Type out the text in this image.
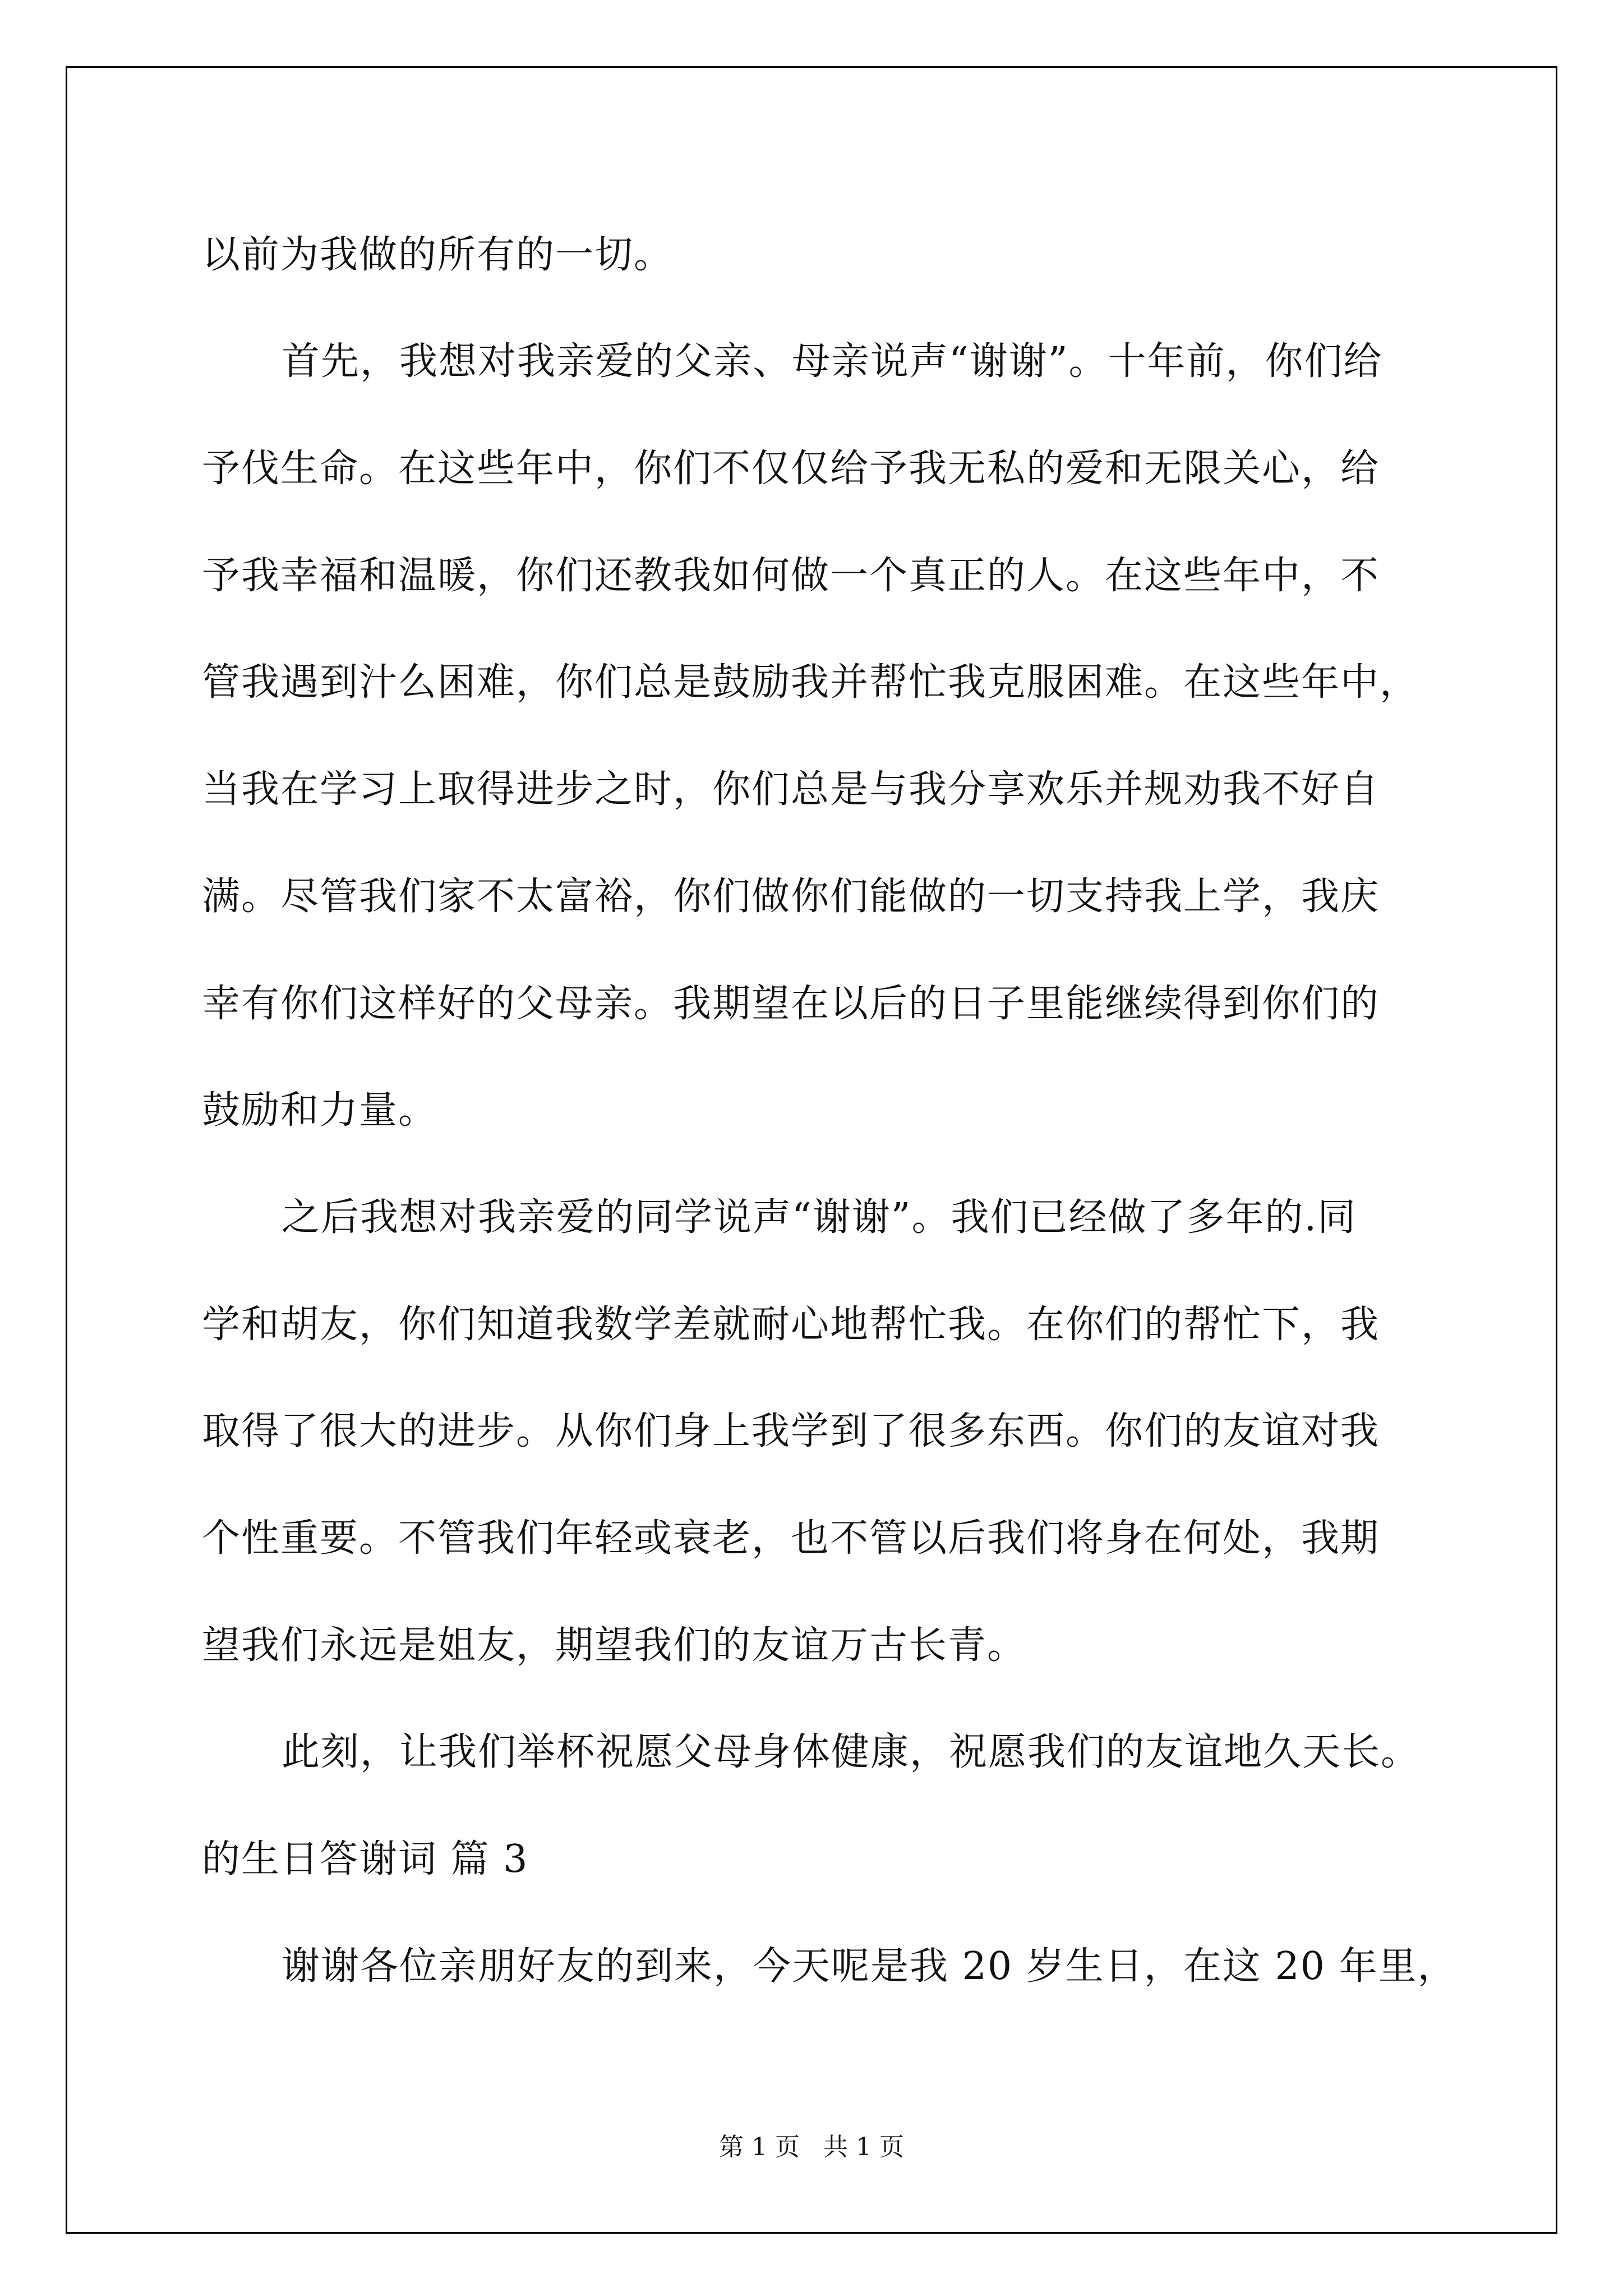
以前为我做的所有的一切。
首先，我想对我亲爱的父亲、母亲说声“谢谢”。十年前，你们给
予伐生命。在这些年中，你们不仅仅给予我无私的爱和无限关心，给
予我幸福和温暖，你们还教我如何做一个真正的人。在这些年中，不
管我遇到汁么困难，你们总是鼓励我并帮忙我克服困难。在这些年中，
当我在学习上取得进步之时，你们总是与我分享欢乐并规劝我不好自
满。尽管我们家不太富裕，你们做你们能做的一切支持我上学，我庆
幸有你们这样好的父母亲。我期望在以后的日子里能继续得到你们的
鼓励和力量。
之后我想对我亲爱的同学说声“谢谢”。我们已经做了多年的.同
学和胡友，你们知道我数学差就耐心地帮忙我。在你们的帮忙下，我
取得了很大的进步。从你们身上我学到了很多东西。你们的友谊对我
个性重要。不管我们年轻或衰老，也不管以后我们将身在何处，我期
望我们永远是姐友，期望我们的友谊万古长青。
此刻，让我们举杯祝愿父母身体健康，祝愿我们的友谊地久天长。
的生日答谢词 篇 3
谢谢各位亲朋好友的到来，今天呢是我 20 岁生日，在这 20 年里，
第 1 页 共 1 页
